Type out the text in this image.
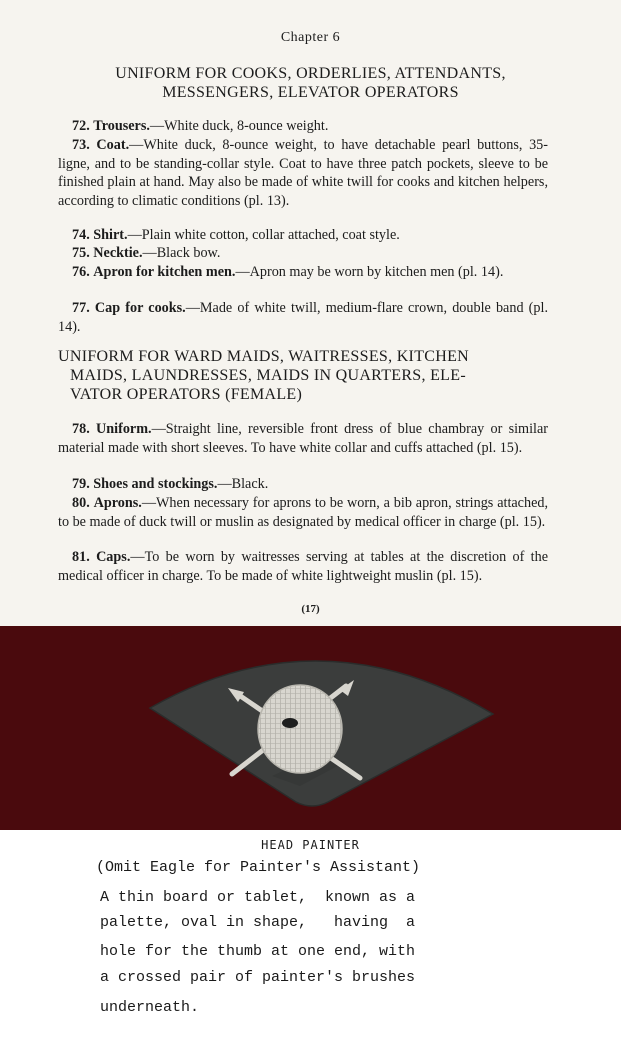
Chapter 6
UNIFORM FOR COOKS, ORDERLIES, ATTENDANTS,
MESSENGERS, ELEVATOR OPERATORS
72. Trousers.—White duck, 8-ounce weight.
73. Coat.—White duck, 8-ounce weight, to have detachable pearl buttons, 35-ligne, and to be standing-collar style. Coat to have three patch pockets, sleeve to be finished plain at hand. May also be made of white twill for cooks and kitchen helpers, according to climatic conditions (pl. 13).
74. Shirt.—Plain white cotton, collar attached, coat style.
75. Necktie.—Black bow.
76. Apron for kitchen men.—Apron may be worn by kitchen men (pl. 14).
77. Cap for cooks.—Made of white twill, medium-flare crown, double band (pl. 14).
UNIFORM FOR WARD MAIDS, WAITRESSES, KITCHEN
MAIDS, LAUNDRESSES, MAIDS IN QUARTERS, ELE-
VATOR OPERATORS (FEMALE)
78. Uniform.—Straight line, reversible front dress of blue chambray or similar material made with short sleeves. To have white collar and cuffs attached (pl. 15).
79. Shoes and stockings.—Black.
80. Aprons.—When necessary for aprons to be worn, a bib apron, strings attached, to be made of duck twill or muslin as designated by medical officer in charge (pl. 15).
81. Caps.—To be worn by waitresses serving at tables at the discretion of the medical officer in charge. To be made of white lightweight muslin (pl. 15).
(17)
HEAD PAINTER
(Omit Eagle for Painter's Assistant)
A thin board or tablet,  known as a
palette, oval in shape,   having  a
hole for the thumb at one end, with
a crossed pair of painter's brushes
underneath.
